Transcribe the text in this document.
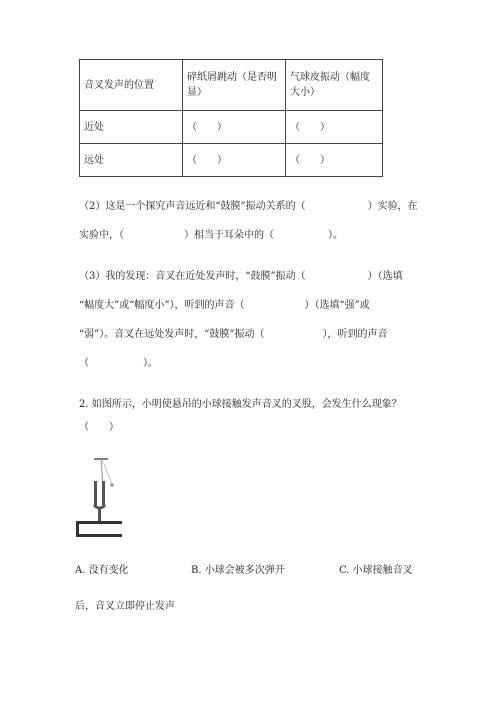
音叉发声的位置	碎纸屑跳动（是否明显）	气球皮振动（幅度大小）
近处	（　　）	（　　）
远处	（　　）	（　　）
（2）这是一个探究声音远近和“鼓膜”振动关系的（	）实验，在
实验中，（	）相当于耳朵中的（	）。
（3）我的发现：音叉在近处发声时，“鼓膜”振动（	）（选填
“幅度大”或“幅度小”），听到的声音（	）（选填“强”或
“弱”）。音叉在远处发声时，“鼓膜”振动（	），听到的声音
（	）。
2. 如图所示，小明使悬吊的小球接触发声音叉的叉股，会发生什么现象？
（　　）
A. 没有变化	B. 小球会被多次弹开	C. 小球接触音叉
后，音叉立即停止发声
